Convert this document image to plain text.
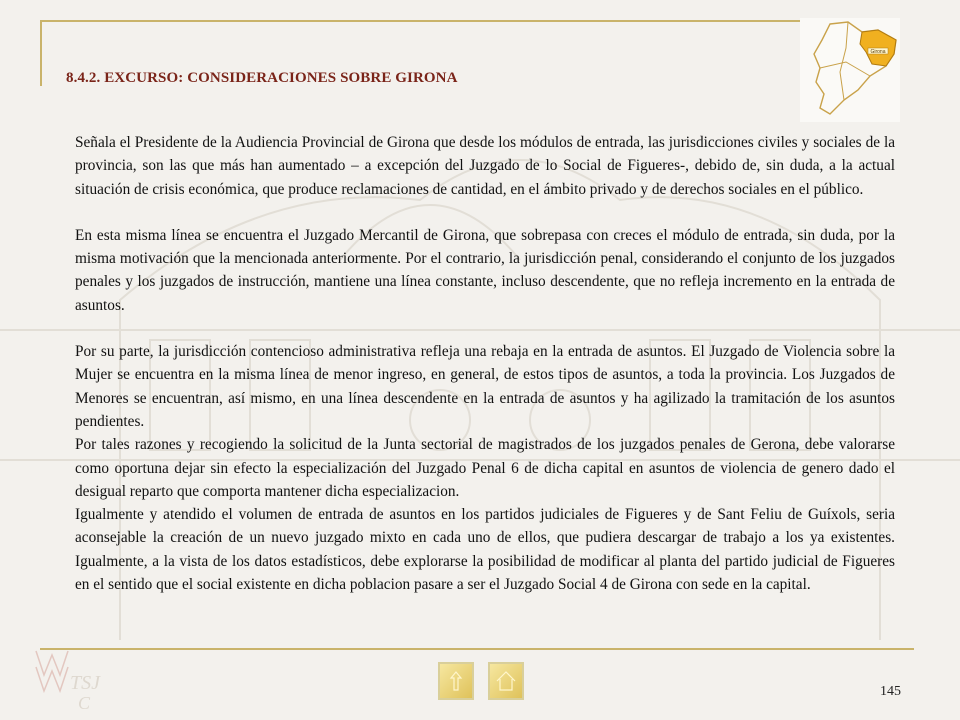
Girona
8.4.2. EXCURSO: CONSIDERACIONES SOBRE GIRONA

Señala el Presidente de la Audiencia Provincial de Girona que desde los módulos de entrada, las jurisdicciones civiles y sociales de la provincia, son las que más han aumentado – a excepción del Juzgado de lo Social de Figueres-, debido de, sin duda, a la actual situación de crisis económica, que produce reclamaciones de cantidad, en el ámbito privado y de derechos sociales en el público.

En esta misma línea se encuentra el Juzgado Mercantil de Girona, que sobrepasa con creces el módulo de entrada, sin duda, por la misma motivación que la mencionada anteriormente. Por el contrario, la jurisdicción penal, considerando el conjunto de los juzgados penales y los juzgados de instrucción, mantiene una línea constante, incluso descendente, que no refleja incremento en la entrada de asuntos.

Por su parte, la jurisdicción contencioso administrativa refleja una rebaja en la entrada de asuntos. El Juzgado de Violencia sobre la Mujer se encuentra en la misma línea de menor ingreso, en general, de estos tipos de asuntos, a toda la provincia. Los Juzgados de Menores se encuentran, así mismo, en una línea descendente en la entrada de asuntos y ha agilizado la tramitación de los asuntos pendientes.

Por tales razones y recogiendo la solicitud de la Junta sectorial de magistrados de los juzgados penales de Gerona, debe valorarse como oportuna dejar sin efecto la especialización del Juzgado Penal 6 de dicha capital en asuntos de violencia de genero dado el desigual reparto que comporta mantener dicha especializacion.

Igualmente y atendido el volumen de entrada de asuntos en los partidos judiciales de Figueres y de Sant Feliu de Guíxols, seria aconsejable la creación de un nuevo juzgado mixto en cada uno de ellos, que pudiera descargar de trabajo a los ya existentes. Igualmente, a la vista de los datos estadísticos, debe explorarse la posibilidad de modificar al planta del partido judicial de Figueres en el sentido que el social existente en dicha poblacion pasare a ser el Juzgado Social 4 de Girona con sede en la capital.

TSJ
C
145
